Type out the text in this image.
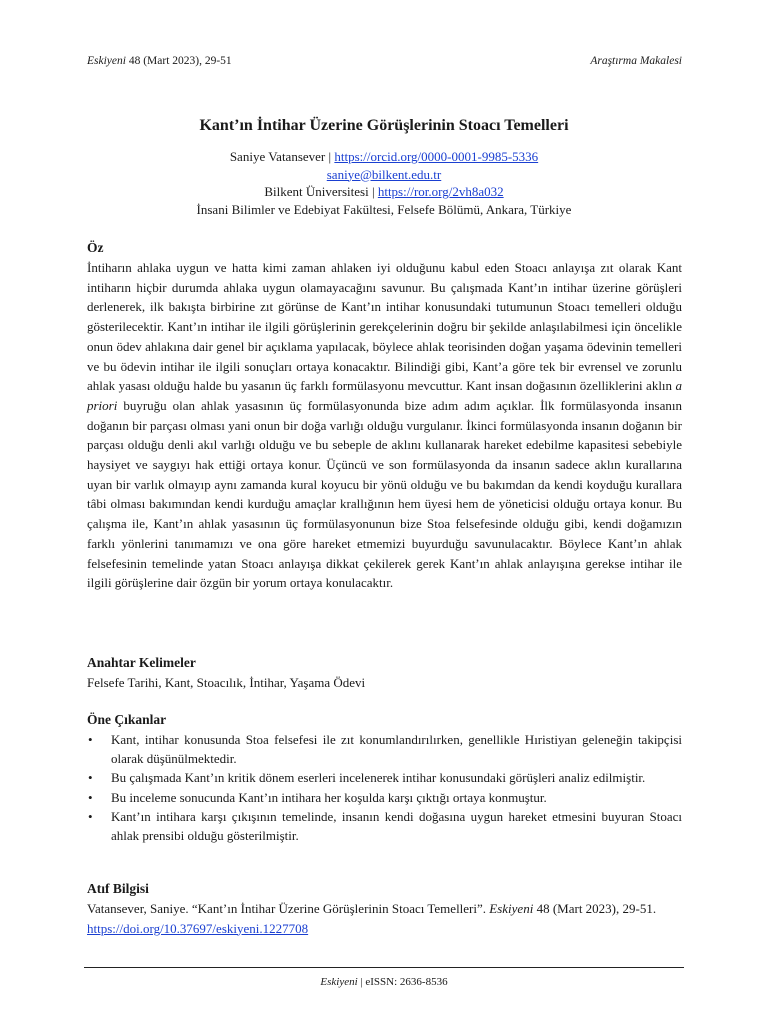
Eskiyeni 48 (Mart 2023), 29-51	Araştırma Makalesi
Kant’ın İntihar Üzerine Görüşlerinin Stoacı Temelleri
Saniye Vatansever | https://orcid.org/0000-0001-9985-5336
saniye@bilkent.edu.tr
Bilkent Üniversitesi | https://ror.org/2vh8a032
İnsani Bilimler ve Edebiyat Fakültesi, Felsefe Bölümü, Ankara, Türkiye
Öz

İntiharın ahlaka uygun ve hatta kimi zaman ahlaken iyi olduğunu kabul eden Stoacı anlayışa zıt olarak Kant intiharın hiçbir durumda ahlaka uygun olamayacağını savunur. Bu çalışmada Kant’ın intihar üzerine görüşleri derlenerek, ilk bakışta birbirine zıt görünse de Kant’ın intihar konusundaki tutumunun Stoacı temelleri olduğu gösterilecektir. Kant’ın intihar ile ilgili görüşlerinin gerekçelerinin doğru bir şekilde anlaşılabilmesi için öncelikle onun ödev ahlakına dair genel bir açıklama yapılacak, böylece ahlak teorisinden doğan yaşama ödevinin temelleri ve bu ödevin intihar ile ilgili sonuçları ortaya konacaktır. Bilindiği gibi, Kant’a göre tek bir evrensel ve zorunlu ahlak yasası olduğu halde bu yasanın üç farklı formülasyonu mevcuttur. Kant insan doğasının özelliklerini aklın a priori buyruğu olan ahlak yasasının üç formülasyonunda bize adım adım açıklar. İlk formülasyonda insanın doğanın bir parçası olması yani onun bir doğa varlığı olduğu vurgulanır. İkinci formülasyonda insanın doğanın bir parçası olduğu denli akıl varlığı olduğu ve bu sebeple de aklını kullanarak hareket edebilme kapasitesi sebebiyle haysiyet ve saygıyı hak ettiği ortaya konur. Üçüncü ve son formülasyonda da insanın sadece aklın kurallarına uyan bir varlık olmayıp aynı zamanda kural koyucu bir yönü olduğu ve bu bakımdan da kendi koyduğu kurallara tâbi olması bakımından kendi kurduğu amaçlar krallığının hem üyesi hem de yöneticisi olduğu ortaya konur. Bu çalışma ile, Kant’ın ahlak yasasının üç formülasyonunun bize Stoa felsefesinde olduğu gibi, kendi doğamızın farklı yönlerini tanımamızı ve ona göre hareket etmemizi buyurduğu savunulacaktır. Böylece Kant’ın ahlak felsefesinin temelinde yatan Stoacı anlayışa dikkat çekilerek gerek Kant’ın ahlak anlayışına gerekse intihar ile ilgili görüşlerine dair özgün bir yorum ortaya konulacaktır.

Anahtar Kelimeler

Felsefe Tarihi, Kant, Stoacılık, İntihar, Yaşama Ödevi

Öne Çıkanlar
• Kant, intihar konusunda Stoa felsefesi ile zıt konumlandırılırken, genellikle Hıristiyan geleneğin takipçisi olarak düşünülmektedir.
• Bu çalışmada Kant’ın kritik dönem eserleri incelenerek intihar konusundaki görüşleri analiz edilmiştir.
• Bu inceleme sonucunda Kant’ın intihara her koşulda karşı çıktığı ortaya konmuştur.
• Kant’ın intihara karşı çıkışının temelinde, insanın kendi doğasına uygun hareket etmesini buyuran Stoacı ahlak prensibi olduğu gösterilmiştir.
Atıf Bilgisi

Vatansever, Saniye. “Kant’ın İntihar Üzerine Görüşlerinin Stoacı Temelleri”. Eskiyeni 48 (Mart 2023), 29-51. https://doi.org/10.37697/eskiyeni.1227708

Eskiyeni | eISSN: 2636-8536
